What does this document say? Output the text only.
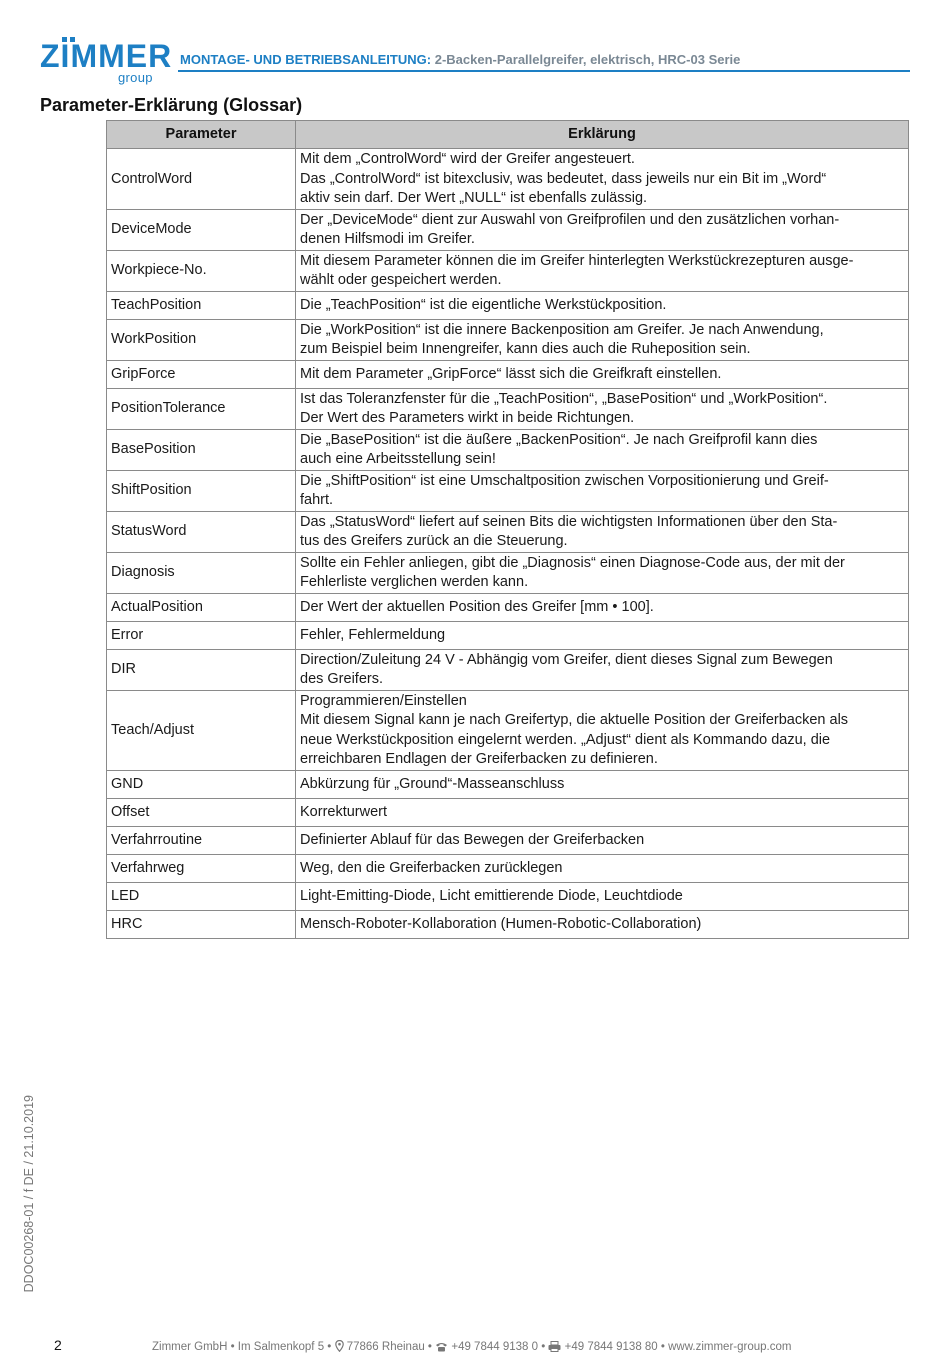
ZIMMER
group
MONTAGE- UND BETRIEBSANLEITUNG: 2-Backen-Parallelgreifer, elektrisch, HRC-03 Serie
Parameter-Erklärung (Glossar)
Parameter	Erklärung
ControlWord	Mit dem „ControlWord“ wird der Greifer angesteuert.
Das „ControlWord“ ist bitexclusiv, was bedeutet, dass jeweils nur ein Bit im „Word“
aktiv sein darf. Der Wert „NULL“ ist ebenfalls zulässig.
DeviceMode	Der „DeviceMode“ dient zur Auswahl von Greifprofilen und den zusätzlichen vorhan-
denen Hilfsmodi im Greifer.
Workpiece-No.	Mit diesem Parameter können die im Greifer hinterlegten Werkstückrezepturen ausge-
wählt oder gespeichert werden.
TeachPosition	Die „TeachPosition“ ist die eigentliche Werkstückposition.
WorkPosition	Die „WorkPosition“ ist die innere Backenposition am Greifer. Je nach Anwendung,
zum Beispiel beim Innengreifer, kann dies auch die Ruheposition sein.
GripForce	Mit dem Parameter „GripForce“ lässt sich die Greifkraft einstellen.
PositionTolerance	Ist das Toleranzfenster für die „TeachPosition“, „BasePosition“ und „WorkPosition“.
Der Wert des Parameters wirkt in beide Richtungen.
BasePosition	Die „BasePosition“ ist die äußere „BackenPosition“. Je nach Greifprofil kann dies
auch eine Arbeitsstellung sein!
ShiftPosition	Die „ShiftPosition“ ist eine Umschaltposition zwischen Vorpositionierung und Greif-
fahrt.
StatusWord	Das „StatusWord“ liefert auf seinen Bits die wichtigsten Informationen über den Sta-
tus des Greifers zurück an die Steuerung.
Diagnosis	Sollte ein Fehler anliegen, gibt die „Diagnosis“ einen Diagnose-Code aus, der mit der
Fehlerliste verglichen werden kann.
ActualPosition	Der Wert der aktuellen Position des Greifer [mm • 100].
Error	Fehler, Fehlermeldung
DIR	Direction/Zuleitung 24 V - Abhängig vom Greifer, dient dieses Signal zum Bewegen
des Greifers.
Teach/Adjust	Programmieren/Einstellen
Mit diesem Signal kann je nach Greifertyp, die aktuelle Position der Greiferbacken als
neue Werkstückposition eingelernt werden. „Adjust“ dient als Kommando dazu, die
erreichbaren Endlagen der Greiferbacken zu definieren.
GND	Abkürzung für „Ground“-Masseanschluss
Offset	Korrekturwert
Verfahrroutine	Definierter Ablauf für das Bewegen der Greiferbacken
Verfahrweg	Weg, den die Greiferbacken zurücklegen
LED	Light-Emitting-Diode, Licht emittierende Diode, Leuchtdiode
HRC	Mensch-Roboter-Kollaboration (Humen-Robotic-Collaboration)
DDOC00268-01 / f DE / 21.10.2019
2	Zimmer GmbH • Im Salmenkopf 5 • 77866 Rheinau • +49 7844 9138 0 • +49 7844 9138 80 • www.zimmer-group.com
